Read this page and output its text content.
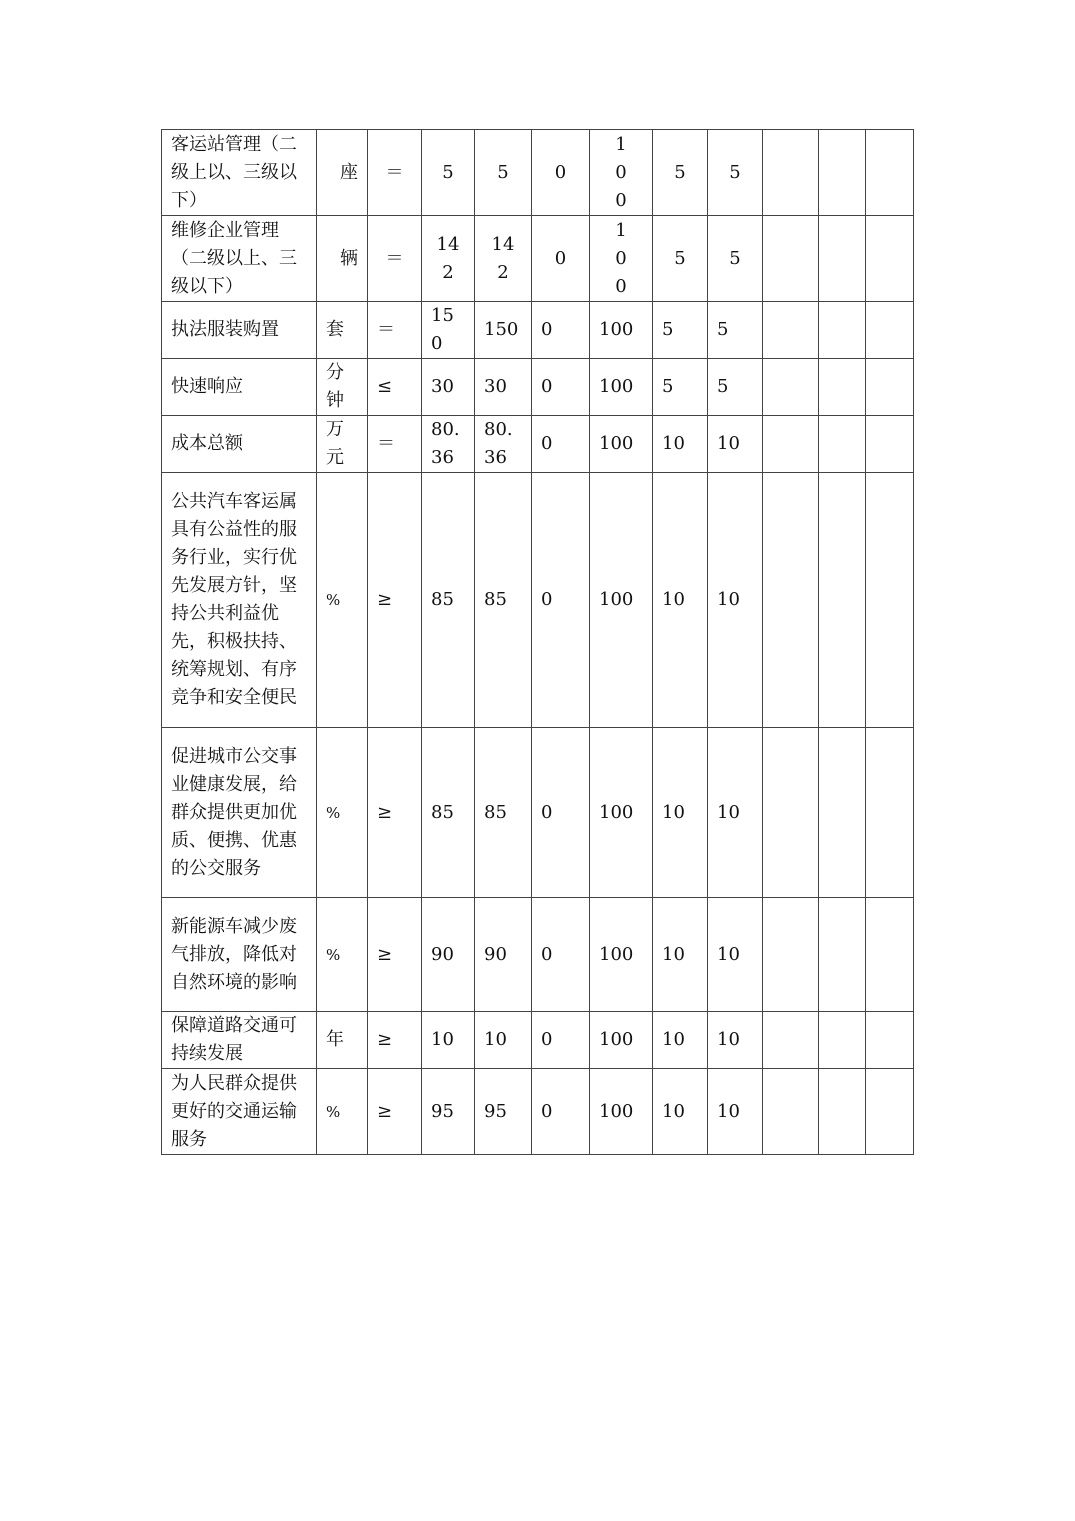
客运站管理（二级上以、三级以下）	座	＝	5	5	0	100	5	5			
维修企业管理（二级以上、三级以下）	辆	＝	142	142	0	100	5	5			
执法服装购置	套	＝	150	150	0	100	5	5			
快速响应	分钟	≤	30	30	0	100	5	5			
成本总额	万元	＝	80.36	80.36	0	100	10	10			
公共汽车客运属具有公益性的服务行业，实行优先发展方针，坚持公共利益优先，积极扶持、统筹规划、有序竞争和安全便民	%	≥	85	85	0	100	10	10			
促进城市公交事业健康发展，给群众提供更加优质、便携、优惠的公交服务	%	≥	85	85	0	100	10	10			
新能源车减少废气排放，降低对自然环境的影响	%	≥	90	90	0	100	10	10			
保障道路交通可持续发展	年	≥	10	10	0	100	10	10			
为人民群众提供更好的交通运输服务	%	≥	95	95	0	100	10	10			
